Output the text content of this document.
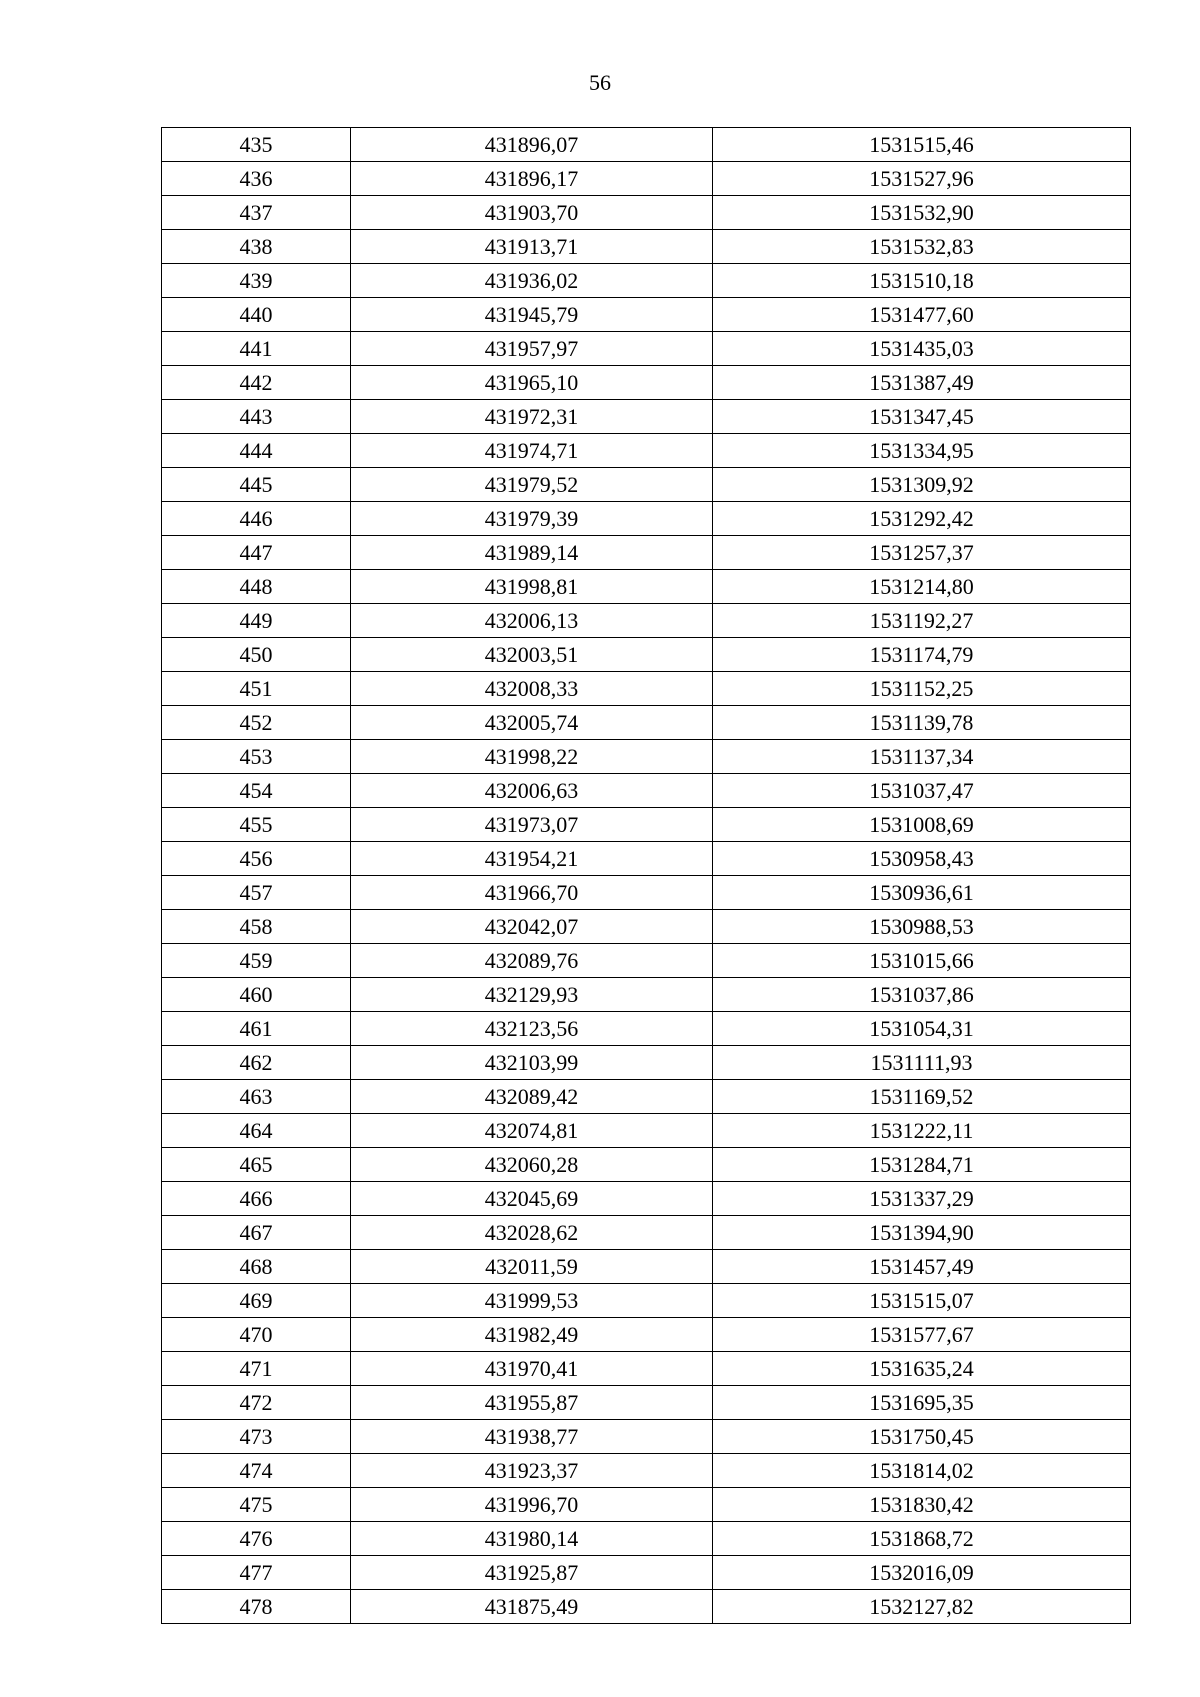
56
435	431896,07	1531515,46
436	431896,17	1531527,96
437	431903,70	1531532,90
438	431913,71	1531532,83
439	431936,02	1531510,18
440	431945,79	1531477,60
441	431957,97	1531435,03
442	431965,10	1531387,49
443	431972,31	1531347,45
444	431974,71	1531334,95
445	431979,52	1531309,92
446	431979,39	1531292,42
447	431989,14	1531257,37
448	431998,81	1531214,80
449	432006,13	1531192,27
450	432003,51	1531174,79
451	432008,33	1531152,25
452	432005,74	1531139,78
453	431998,22	1531137,34
454	432006,63	1531037,47
455	431973,07	1531008,69
456	431954,21	1530958,43
457	431966,70	1530936,61
458	432042,07	1530988,53
459	432089,76	1531015,66
460	432129,93	1531037,86
461	432123,56	1531054,31
462	432103,99	1531111,93
463	432089,42	1531169,52
464	432074,81	1531222,11
465	432060,28	1531284,71
466	432045,69	1531337,29
467	432028,62	1531394,90
468	432011,59	1531457,49
469	431999,53	1531515,07
470	431982,49	1531577,67
471	431970,41	1531635,24
472	431955,87	1531695,35
473	431938,77	1531750,45
474	431923,37	1531814,02
475	431996,70	1531830,42
476	431980,14	1531868,72
477	431925,87	1532016,09
478	431875,49	1532127,82
